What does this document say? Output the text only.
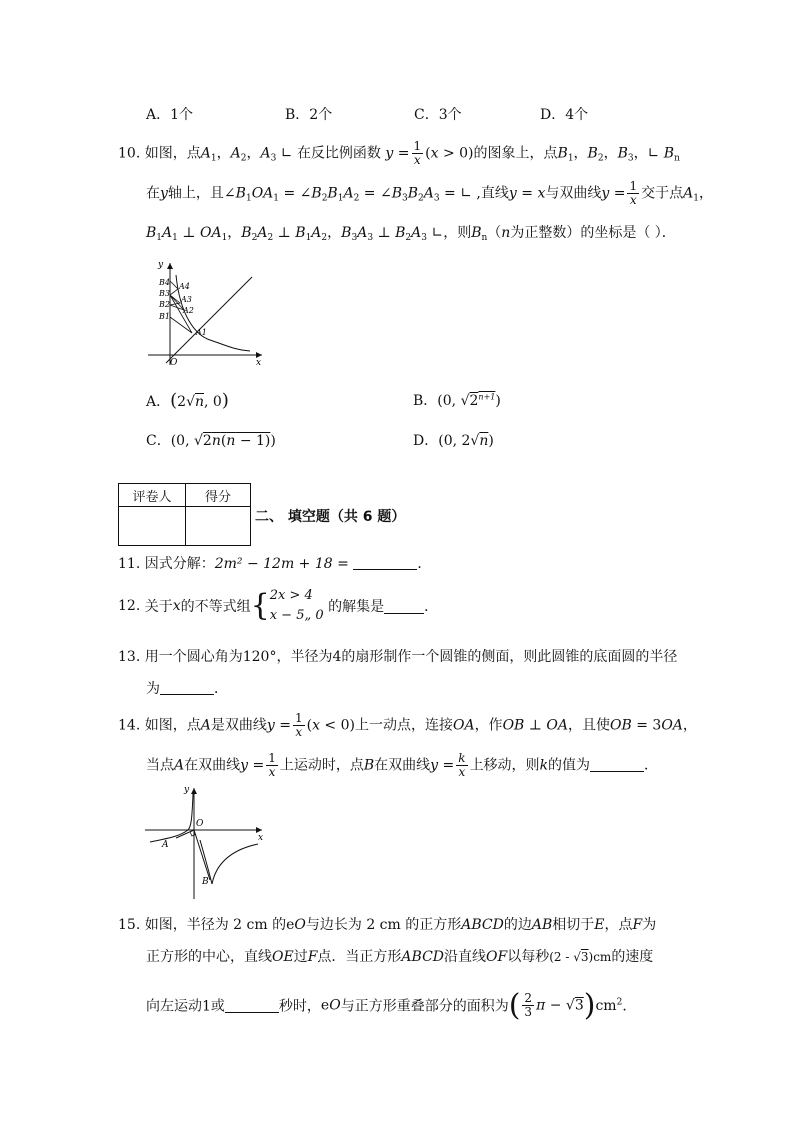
A．1个	B．2个	C．3个	D．4个
10. 如图，点$A_1$，$A_2$，$A_3$ ∟ 在反比例函数 $y = \frac{1}{x} (x > 0)$的图象上，点$B_1$，$B_2$，$B_3$，∟ $B_n$
在y轴上，且$\angle B_1OA_1$ = $\angle B_2B_1A_2$ = $\angle B_3B_2A_3$ = ∟ ,直线y = x与双曲线$y = \frac{1}{x}$ 交于点$A_1$，
$B_1A_1$ ⊥ $OA_1$，$B_2A_2$ ⊥ $B_1A_2$，$B_3A_3$ ⊥ $B_2A_3$ ∟，则$B_n(n$为正整数）的坐标是（ ）．
y
x
O
B4
B3
B2
B1
A4
A3
A2
A1
A．(2√n, 0)	B．(0, $√2^{n+1}$)
C．(0, √2n(n − 1))	D．(0, 2√n)
评卷人	得分

二、 填空题（共 6 题）
11. 因式分解：2m² − 12m + 18 =	．
12. 关于x的不等式组{ 2x > 4
x − 5„ 0
的解集是	．
13. 用一个圆心角为120°，半径为4的扇形制作一个圆锥的侧面，则此圆锥的底面圆的半径
为	．
14. 如图，点A是双曲线$y = \frac{1}{x} (x < 0)$上一动点，连接OA，作OB ⊥ OA，且使OB = 3OA，
当点A在双曲线$y = \frac{1}{x}$ 上运动时，点B在双曲线$y = \frac{k}{x}$ 上移动，则k的值为	．
y
x
O
A
B
15. 如图，半径为 2 cm 的eO与边长为 2 cm 的正方形ABCD的边AB相切于E，点F为
正方形的中心，直线OE过F点．当正方形ABCD沿直线OF以每秒(2 - √3)cm的速度
向左运动1或	秒时，eO与正方形重叠部分的面积为( $\frac{2}{3}$ $\pi - √3)cm^2$．
